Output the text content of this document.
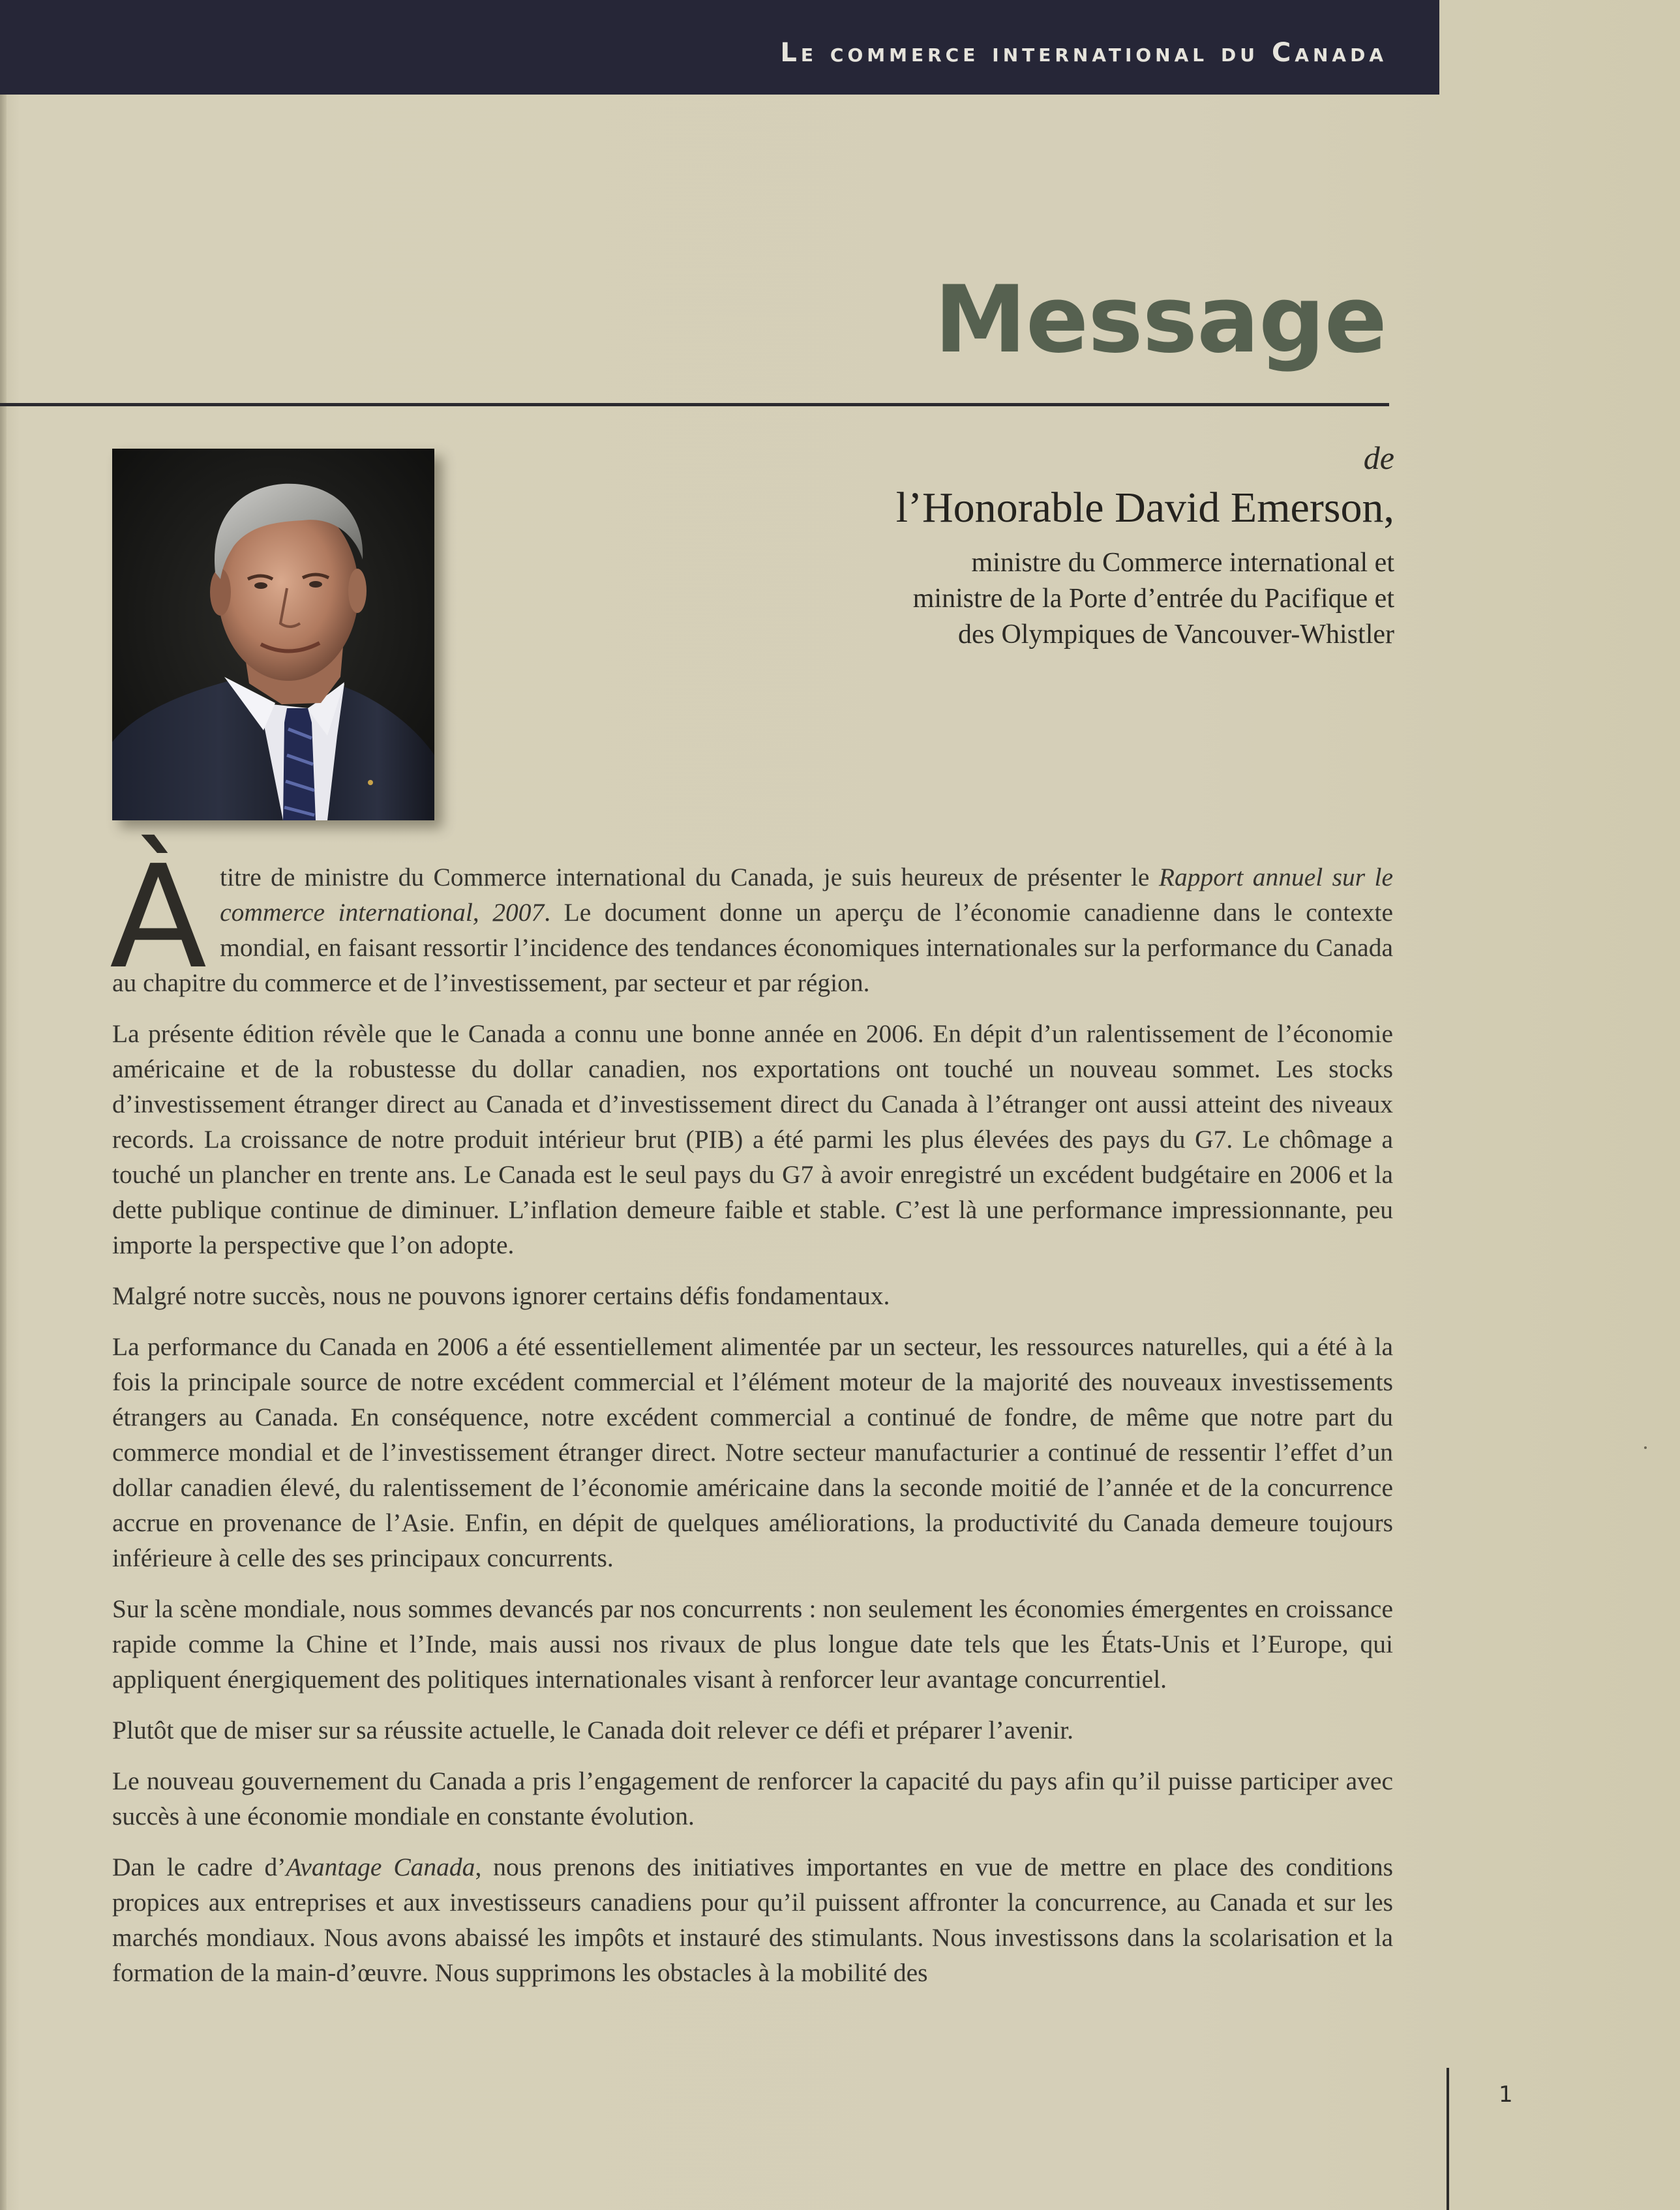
Le commerce international du Canada
Message
de
l’Honorable David Emerson,
ministre du Commerce international et
ministre de la Porte d’entrée du Pacifique et
des Olympiques de Vancouver-Whistler

À titre de ministre du Commerce international du Canada, je suis heureux de présenter le Rapport annuel sur le commerce international, 2007. Le document donne un aperçu de l’économie canadienne dans le contexte mondial, en faisant ressortir l’incidence des tendances économiques internationales sur la performance du Canada au chapitre du commerce et de l’investissement, par secteur et par région.

La présente édition révèle que le Canada a connu une bonne année en 2006. En dépit d’un ralentissement de l’économie américaine et de la robustesse du dollar canadien, nos exportations ont touché un nouveau sommet. Les stocks d’investissement étranger direct au Canada et d’investissement direct du Canada à l’étranger ont aussi atteint des niveaux records. La croissance de notre produit intérieur brut (PIB) a été parmi les plus élevées des pays du G7. Le chômage a touché un plancher en trente ans. Le Canada est le seul pays du G7 à avoir enregistré un excédent budgétaire en 2006 et la dette publique continue de diminuer. L’inflation demeure faible et stable. C’est là une performance impressionnante, peu importe la perspective que l’on adopte.

Malgré notre succès, nous ne pouvons ignorer certains défis fondamentaux.

La performance du Canada en 2006 a été essentiellement alimentée par un secteur, les ressources naturelles, qui a été à la fois la principale source de notre excédent commercial et l’élément moteur de la majorité des nouveaux investissements étrangers au Canada. En conséquence, notre excédent commercial a continué de fondre, de même que notre part du commerce mondial et de l’investissement étranger direct. Notre secteur manufacturier a continué de ressentir l’effet d’un dollar canadien élevé, du ralentissement de l’économie américaine dans la seconde moitié de l’année et de la concurrence accrue en provenance de l’Asie. Enfin, en dépit de quelques améliorations, la productivité du Canada demeure toujours inférieure à celle des ses principaux concurrents.

Sur la scène mondiale, nous sommes devancés par nos concurrents : non seulement les économies émergentes en croissance rapide comme la Chine et l’Inde, mais aussi nos rivaux de plus longue date tels que les États-Unis et l’Europe, qui appliquent énergiquement des politiques internationales visant à renforcer leur avantage concurrentiel.

Plutôt que de miser sur sa réussite actuelle, le Canada doit relever ce défi et préparer l’avenir.

Le nouveau gouvernement du Canada a pris l’engagement de renforcer la capacité du pays afin qu’il puisse participer avec succès à une économie mondiale en constante évolution.

Dan le cadre d’Avantage Canada, nous prenons des initiatives importantes en vue de mettre en place des conditions propices aux entreprises et aux investisseurs canadiens pour qu’il puissent affronter la concurrence, au Canada et sur les marchés mondiaux. Nous avons abaissé les impôts et instauré des stimulants. Nous investissons dans la scolarisation et la formation de la main-d’œuvre. Nous supprimons les obstacles à la mobilité des

1
